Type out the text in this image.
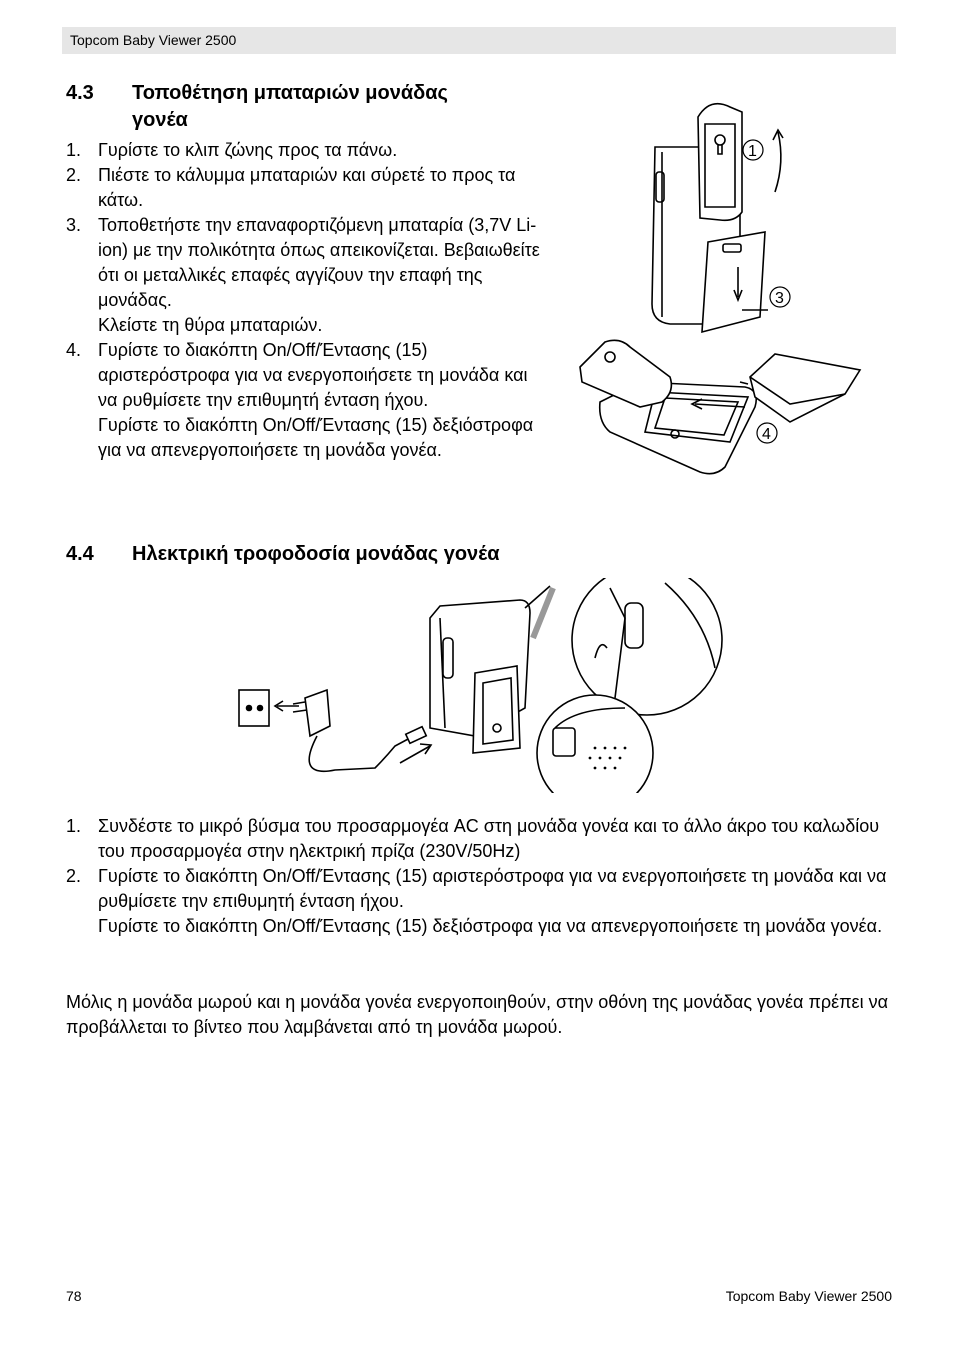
Topcom Baby Viewer 2500
4.3 Τοποθέτηση μπαταριών μονάδας
γονέα
1. Γυρίστε το κλιπ ζώνης προς τα πάνω.
2. Πιέστε το κάλυμμα μπαταριών και σύρετέ το προς τα κάτω.
3. Τοποθετήστε την επαναφορτιζόμενη μπαταρία (3,7V Li-ion) με την πολικότητα όπως απεικονίζεται. Βεβαιωθείτε ότι οι μεταλλικές επαφές αγγίζουν την επαφή της μονάδας.
Κλείστε τη θύρα μπαταριών.
4. Γυρίστε το διακόπτη On/Off/Έντασης (15) αριστερόστροφα για να ενεργοποιήσετε τη μονάδα και να ρυθμίσετε την επιθυμητή ένταση ήχου.
Γυρίστε το διακόπτη On/Off/Έντασης (15) δεξιόστροφα για να απενεργοποιήσετε τη μονάδα γονέα.
1
3
4
4.4 Ηλεκτρική τροφοδοσία μονάδας γονέα
1. Συνδέστε το μικρό βύσμα του προσαρμογέα AC στη μονάδα γονέα και το άλλο άκρο του καλωδίου του προσαρμογέα στην ηλεκτρική πρίζα (230V/50Hz)
2. Γυρίστε το διακόπτη On/Off/Έντασης (15) αριστερόστροφα για να ενεργοποιήσετε τη μονάδα και να ρυθμίσετε την επιθυμητή ένταση ήχου.
Γυρίστε το διακόπτη On/Off/Έντασης (15) δεξιόστροφα για να απενεργοποιήσετε τη μονάδα γονέα.

Μόλις η μονάδα μωρού και η μονάδα γονέα ενεργοποιηθούν, στην οθόνη της μονάδας γονέα πρέπει να προβάλλεται το βίντεο που λαμβάνεται από τη μονάδα μωρού.

78	Topcom Baby Viewer 2500
